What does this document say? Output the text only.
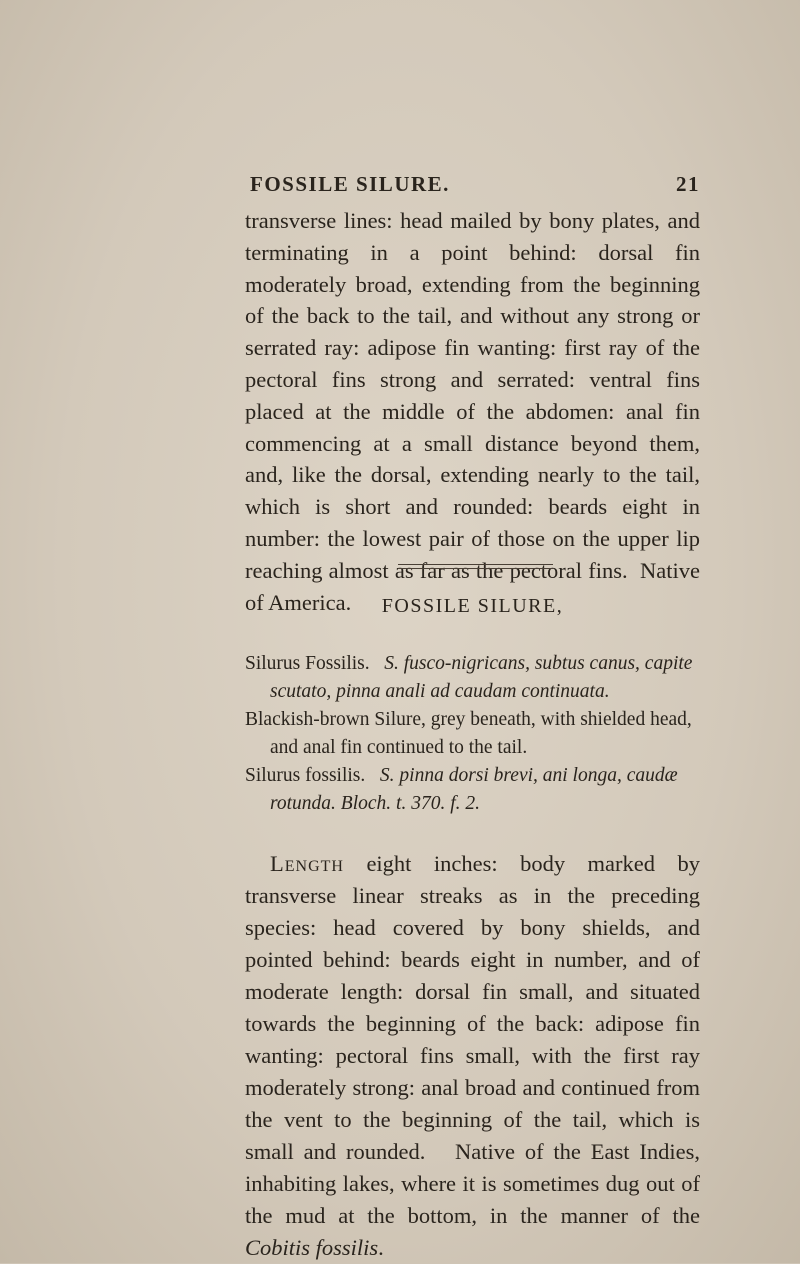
FOSSILE SILURE.	21

transverse lines: head mailed by bony plates, and terminating in a point behind: dorsal fin moderately broad, extending from the beginning of the back to the tail, and without any strong or serrated ray: adipose fin wanting: first ray of the pectoral fins strong and serrated: ventral fins placed at the middle of the abdomen: anal fin commencing at a small distance beyond them, and, like the dorsal, extending nearly to the tail, which is short and rounded: beards eight in number: the lowest pair of those on the upper lip reaching almost as far as the pectoral fins. Native of America.	FOSSILE SILURE,

Silurus Fossilis. S. fusco-nigricans, subtus canus, capite scutato, pinna anali ad caudam continuata.

Blackish-brown Silure, grey beneath, with shielded head, and anal fin continued to the tail.

Silurus fossilis. S. pinna dorsi brevi, ani longa, caudæ rotunda. Bloch. t. 370. f. 2.

Length eight inches: body marked by transverse linear streaks as in the preceding species: head covered by bony shields, and pointed behind: beards eight in number, and of moderate length: dorsal fin small, and situated towards the beginning of the back: adipose fin wanting: pectoral fins small, with the first ray moderately strong: anal broad and continued from the vent to the beginning of the tail, which is small and rounded. Native of the East Indies, inhabiting lakes, where it is sometimes dug out of the mud at the bottom, in the manner of the Cobitis fossilis.
